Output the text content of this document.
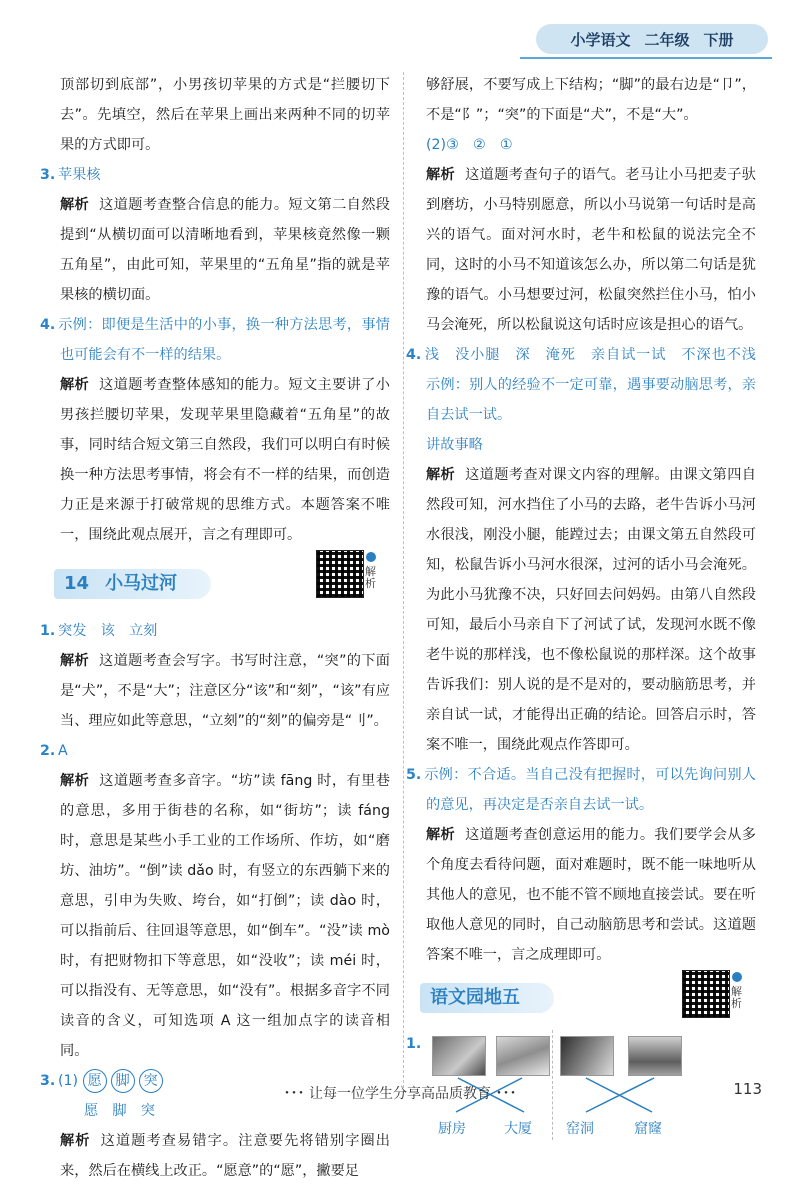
小学语文 二年级 下册

顶部切到底部”，小男孩切苹果的方式是“拦腰切下去”。先填空，然后在苹果上画出来两种不同的切苹果的方式即可。

3. 苹果核

解析 这道题考查整合信息的能力。短文第二自然段提到“从横切面可以清晰地看到，苹果核竟然像一颗五角星”，由此可知，苹果里的“五角星”指的就是苹果核的横切面。

4. 示例：即便是生活中的小事，换一种方法思考，事情也可能会有不一样的结果。

解析 这道题考查整体感知的能力。短文主要讲了小男孩拦腰切苹果，发现苹果里隐藏着“五角星”的故事，同时结合短文第三自然段，我们可以明白有时候换一种方法思考事情，将会有不一样的结果，而创造力正是来源于打破常规的思维方式。本题答案不唯一，围绕此观点展开，言之有理即可。

14 小马过河
解析

1. 突发　该　立刻

解析 这道题考查会写字。书写时注意，“突”的下面是“犬”，不是“大”；注意区分“该”和“刻”，“该”有应当、理应如此等意思，“立刻”的“刻”的偏旁是“刂”。

2. A

解析 这道题考查多音字。“坊”读 fāng 时，有里巷的意思，多用于街巷的名称，如“街坊”；读 fáng 时，意思是某些小手工业的工作场所、作坊，如“磨坊、油坊”。“倒”读 dǎo 时，有竖立的东西躺下来的意思，引申为失败、垮台，如“打倒”；读 dào 时，可以指前后、往回退等意思，如“倒车”。“没”读 mò 时，有把财物扣下等意思，如“没收”；读 méi 时，可以指没有、无等意思，如“没有”。根据多音字不同读音的含义，可知选项 A 这一组加点字的读音相同。

3. (1) 愿 脚 突

愿　脚　突

解析 这道题考查易错字。注意要先将错别字圈出来，然后在横线上改正。“愿意”的“愿”，撇要足

够舒展，不要写成上下结构；“脚”的最右边是“卩”，不是“阝”；“突”的下面是“犬”，不是“大”。

(2)③　②　①

解析 这道题考查句子的语气。老马让小马把麦子驮到磨坊，小马特别愿意，所以小马说第一句话时是高兴的语气。面对河水时，老牛和松鼠的说法完全不同，这时的小马不知道该怎么办，所以第二句话是犹豫的语气。小马想要过河，松鼠突然拦住小马，怕小马会淹死，所以松鼠说这句话时应该是担心的语气。

4. 浅　没小腿　深　淹死　亲自试一试　不深也不浅　示例：别人的经验不一定可靠，遇事要动脑思考，亲自去试一试。

讲故事略

解析 这道题考查对课文内容的理解。由课文第四自然段可知，河水挡住了小马的去路，老牛告诉小马河水很浅，刚没小腿，能蹚过去；由课文第五自然段可知，松鼠告诉小马河水很深，过河的话小马会淹死。为此小马犹豫不决，只好回去问妈妈。由第八自然段可知，最后小马亲自下了河试了试，发现河水既不像老牛说的那样浅，也不像松鼠说的那样深。这个故事告诉我们：别人说的是不是对的，要动脑筋思考，并亲自试一试，才能得出正确的结论。回答启示时，答案不唯一，围绕此观点作答即可。

5. 示例：不合适。当自己没有把握时，可以先询问别人的意见，再决定是否亲自去试一试。

解析 这道题考查创意运用的能力。我们要学会从多个角度去看待问题，面对难题时，既不能一味地听从其他人的意见，也不能不管不顾地直接尝试。要在听取他人意见的同时，自己动脑筋思考和尝试。这道题答案不唯一，言之成理即可。

语文园地五	解析
1.
厨房	大厦 窑洞	窟窿
･･･ 让每一位学生分享高品质教育 ･･･	113
